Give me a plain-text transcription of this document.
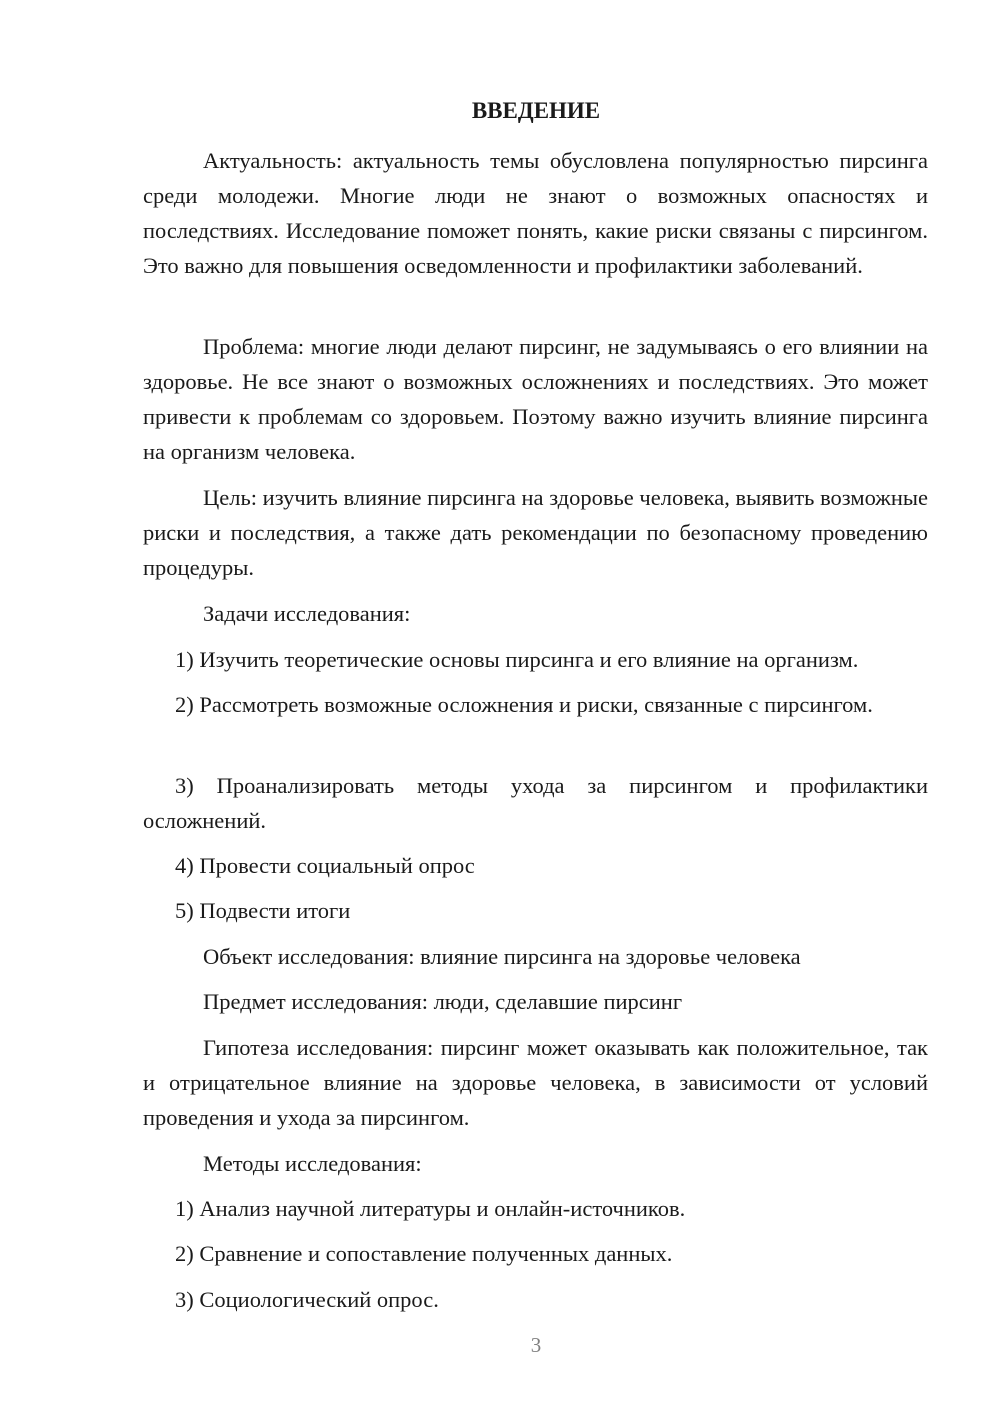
ВВЕДЕНИЕ

Актуальность: актуальность темы обусловлена популярностью пирсинга среди молодежи. Многие люди не знают о возможных опасностях и последствиях. Исследование поможет понять, какие риски связаны с пирсингом. Это важно для повышения осведомленности и профилактики заболеваний.

Проблема: многие люди делают пирсинг, не задумываясь о его влиянии на здоровье. Не все знают о возможных осложнениях и последствиях. Это может привести к проблемам со здоровьем. Поэтому важно изучить влияние пирсинга на организм человека.

Цель: изучить влияние пирсинга на здоровье человека, выявить возможные риски и последствия, а также дать рекомендации по безопасному проведению процедуры.

Задачи исследования:

1) Изучить теоретические основы пирсинга и его влияние на организм.

2) Рассмотреть возможные осложнения и риски, связанные с пирсингом.

3) Проанализировать методы ухода за пирсингом и профилактики осложнений.

4) Провести социальный опрос

5) Подвести итоги

Объект исследования: влияние пирсинга на здоровье человека

Предмет исследования: люди, сделавшие пирсинг

Гипотеза исследования: пирсинг может оказывать как положительное, так и отрицательное влияние на здоровье человека, в зависимости от условий проведения и ухода за пирсингом.

Методы исследования:

1) Анализ научной литературы и онлайн-источников.

2) Сравнение и сопоставление полученных данных.

3) Социологический опрос.

3
